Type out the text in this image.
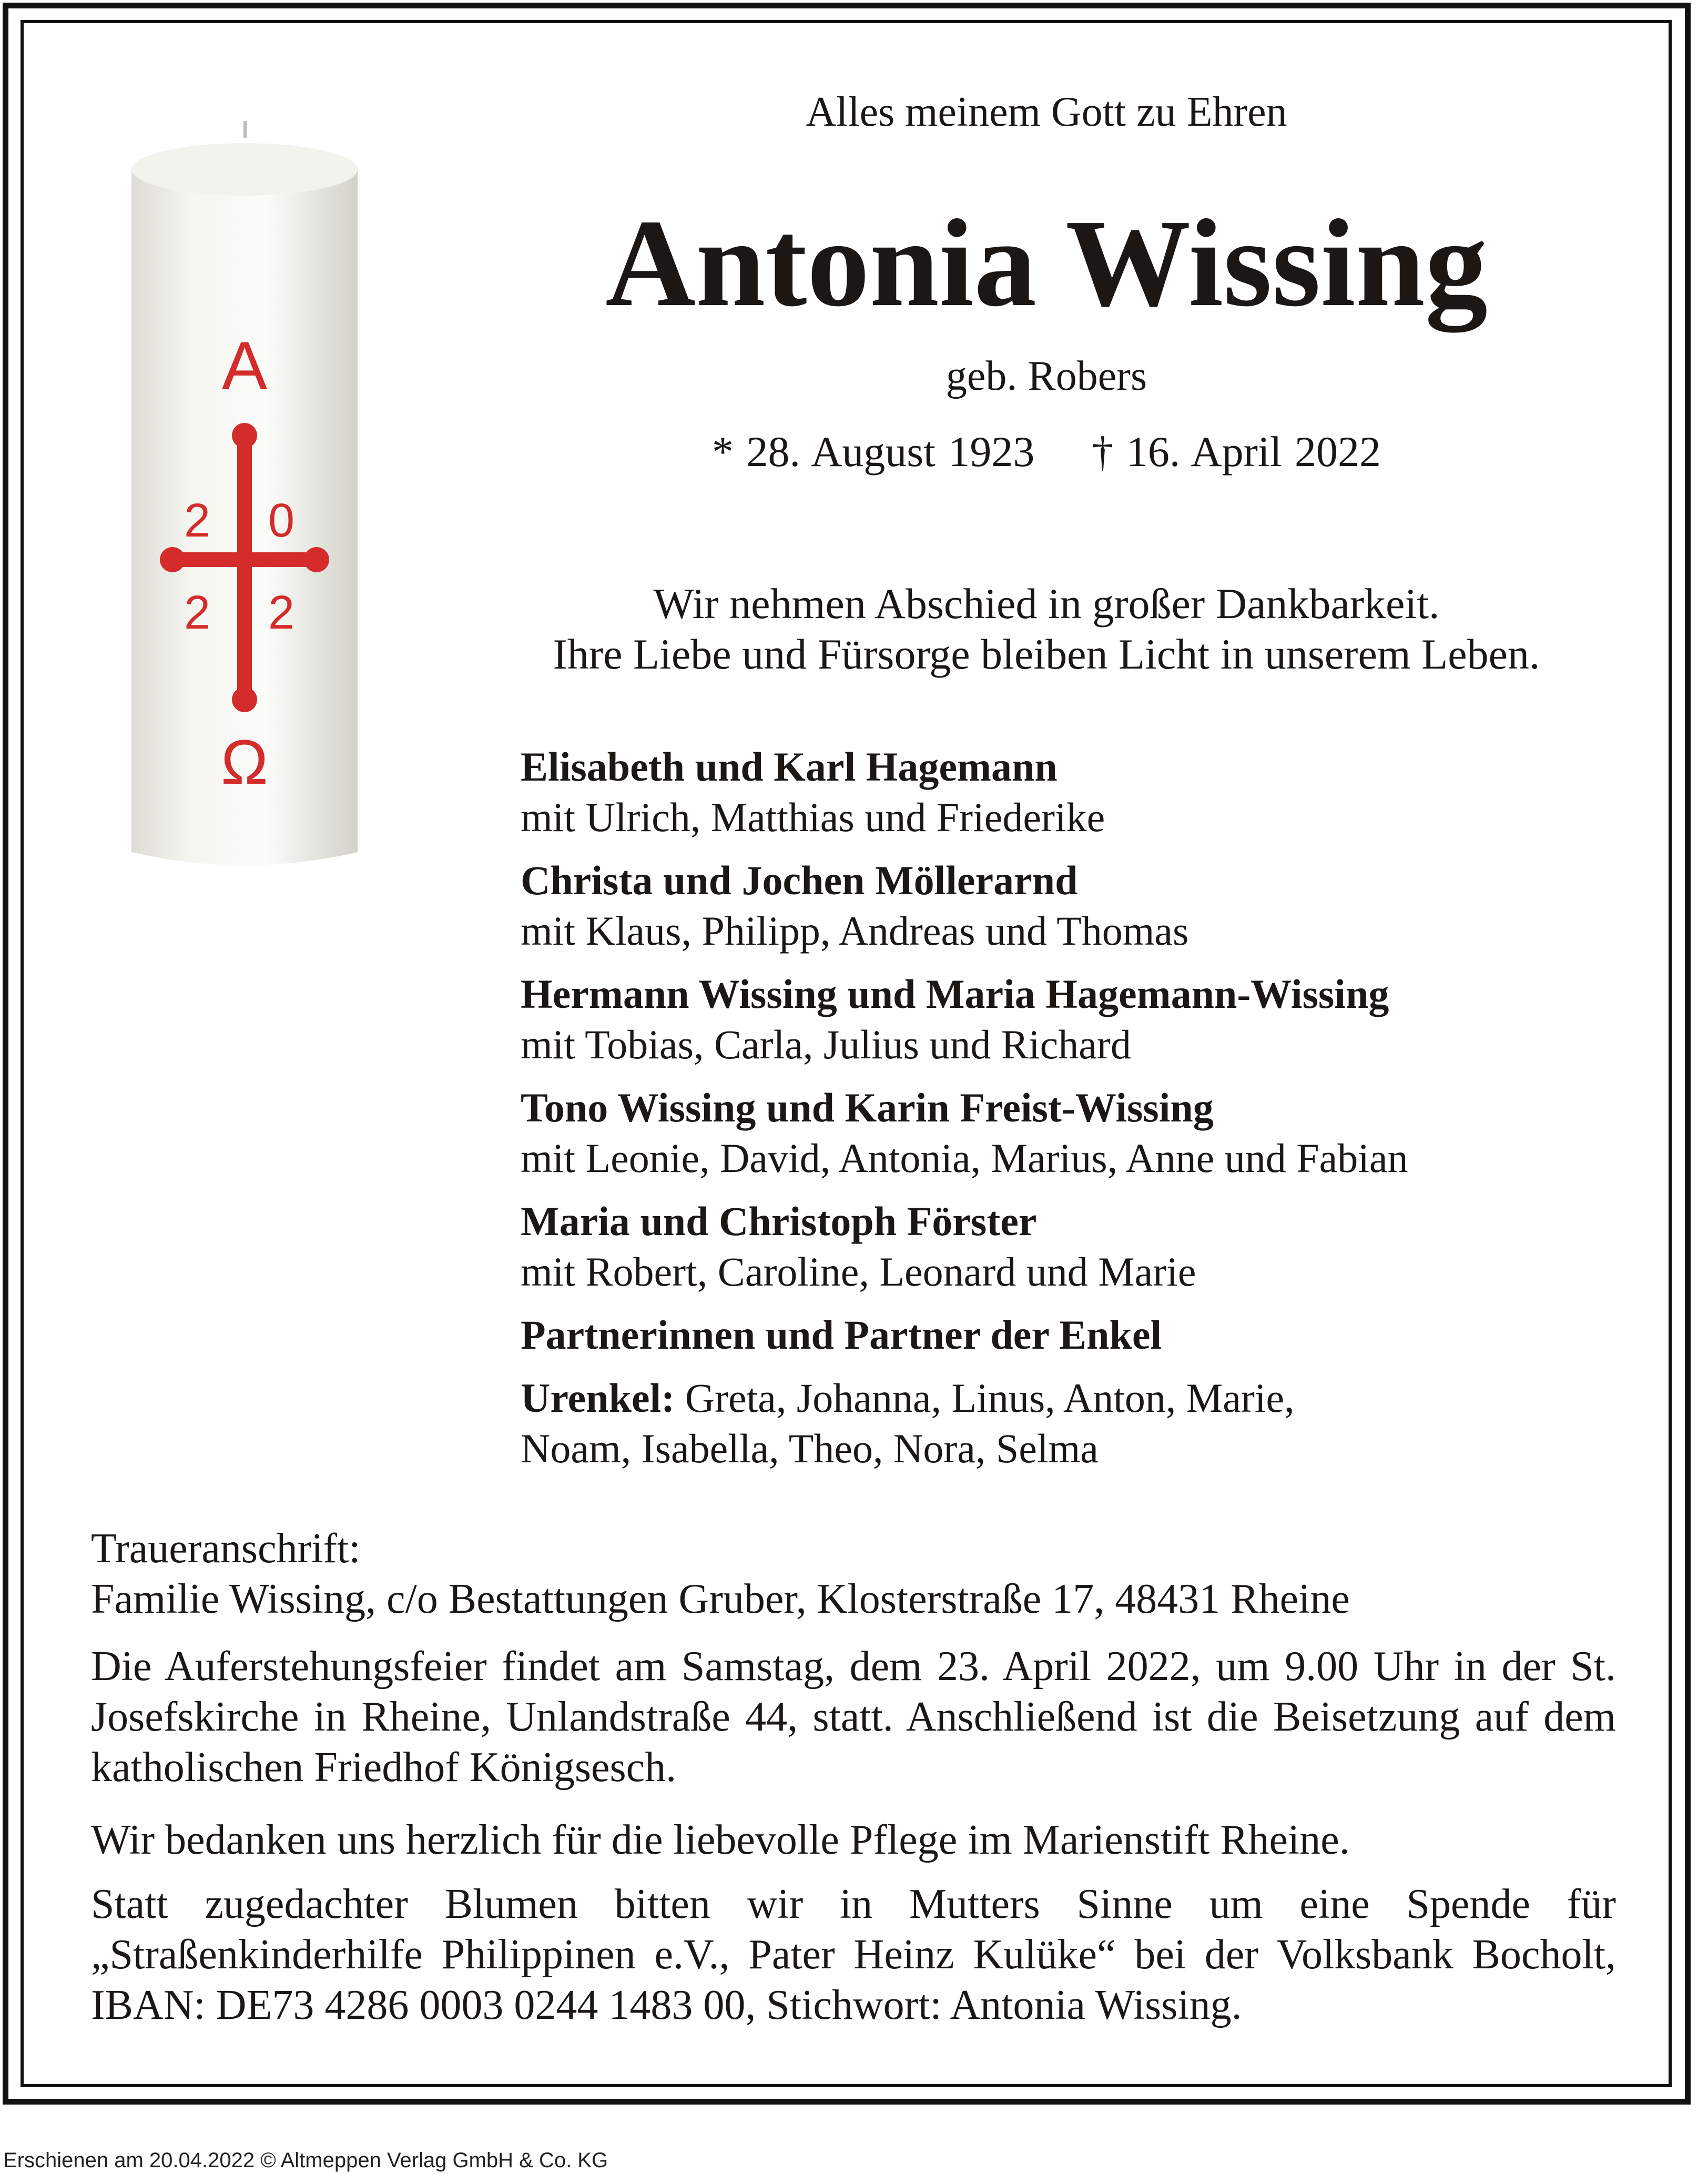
A
Ω
2 0
2 2
Alles meinem Gott zu Ehren
Antonia Wissing
geb. Robers
* 28. August 1923 † 16. April 2022
Wir nehmen Abschied in großer Dankbarkeit.
Ihre Liebe und Fürsorge bleiben Licht in unserem Leben.
Elisabeth und Karl Hagemann
mit Ulrich, Matthias und Friederike
Christa und Jochen Möllerarnd
mit Klaus, Philipp, Andreas und Thomas
Hermann Wissing und Maria Hagemann-Wissing
mit Tobias, Carla, Julius und Richard
Tono Wissing und Karin Freist-Wissing
mit Leonie, David, Antonia, Marius, Anne und Fabian
Maria und Christoph Förster
mit Robert, Caroline, Leonard und Marie
Partnerinnen und Partner der Enkel
Urenkel: Greta, Johanna, Linus, Anton, Marie,
Noam, Isabella, Theo, Nora, Selma
Traueranschrift:
Familie Wissing, c/o Bestattungen Gruber, Klosterstraße 17, 48431 Rheine
Die Auferstehungsfeier findet am Samstag, dem 23. April 2022, um 9.00 Uhr in der St. Josefskirche in Rheine, Unlandstraße 44, statt. Anschließend ist die Beisetzung auf dem katholischen Friedhof Königsesch.
Wir bedanken uns herzlich für die liebevolle Pflege im Marienstift Rheine.
Statt zugedachter Blumen bitten wir in Mutters Sinne um eine Spende für „Straßenkinderhilfe Philippinen e.V., Pater Heinz Kulüke“ bei der Volksbank Bocholt, IBAN: DE73 4286 0003 0244 1483 00, Stichwort: Antonia Wissing.
Erschienen am 20.04.2022 © Altmeppen Verlag GmbH & Co. KG
